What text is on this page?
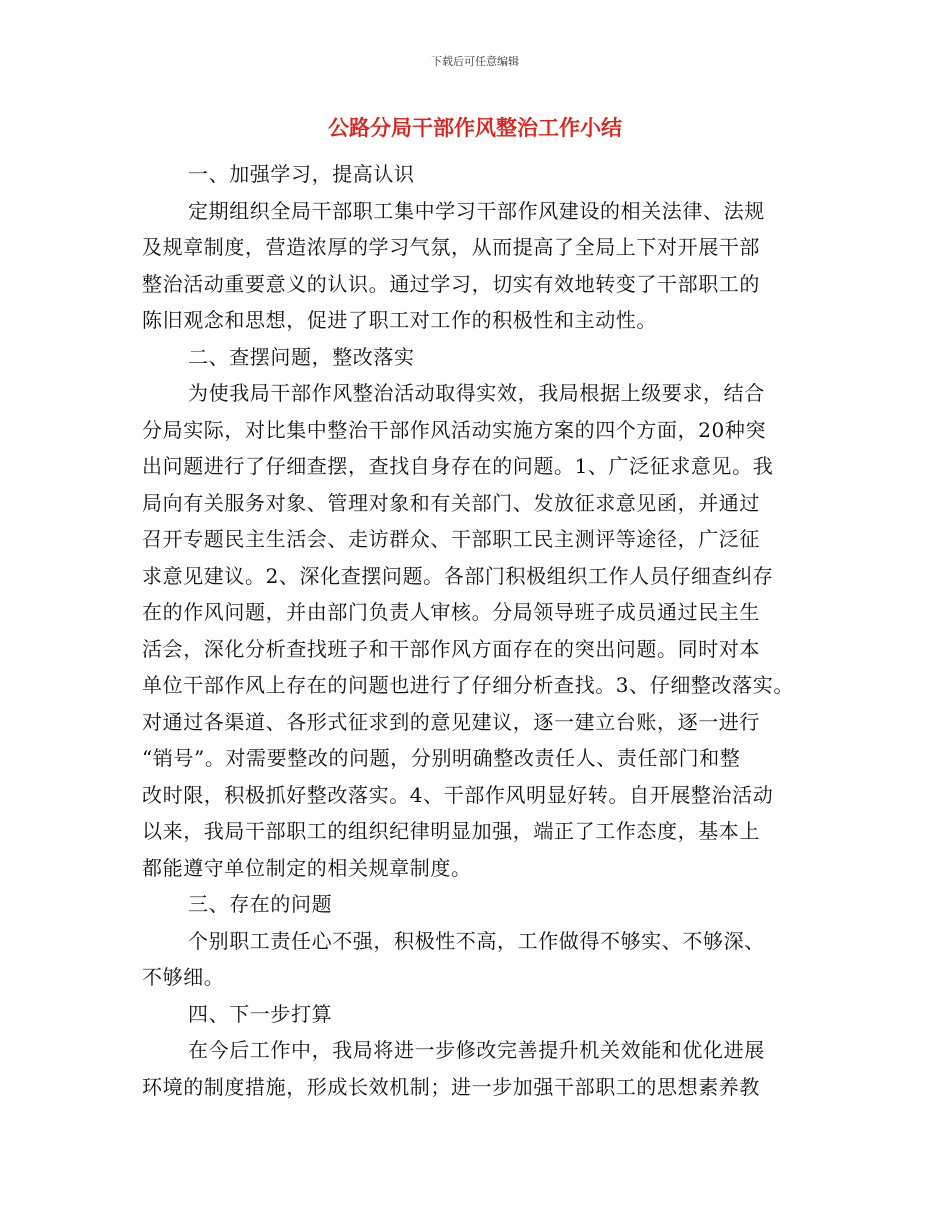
下载后可任意编辑
公路分局干部作风整治工作小结
一、加强学习，提高认识
定期组织全局干部职工集中学习干部作风建设的相关法律、法规
及规章制度，营造浓厚的学习气氛，从而提高了全局上下对开展干部
整治活动重要意义的认识。通过学习，切实有效地转变了干部职工的
陈旧观念和思想，促进了职工对工作的积极性和主动性。
二、查摆问题，整改落实
为使我局干部作风整治活动取得实效，我局根据上级要求，结合
分局实际，对比集中整治干部作风活动实施方案的四个方面，20种突
出问题进行了仔细查摆，查找自身存在的问题。1、广泛征求意见。我
局向有关服务对象、管理对象和有关部门、发放征求意见函，并通过
召开专题民主生活会、走访群众、干部职工民主测评等途径，广泛征
求意见建议。2、深化查摆问题。各部门积极组织工作人员仔细查纠存
在的作风问题，并由部门负责人审核。分局领导班子成员通过民主生
活会，深化分析查找班子和干部作风方面存在的突出问题。同时对本
单位干部作风上存在的问题也进行了仔细分析查找。3、仔细整改落实。
对通过各渠道、各形式征求到的意见建议，逐一建立台账，逐一进行
“销号”。对需要整改的问题，分别明确整改责任人、责任部门和整
改时限，积极抓好整改落实。4、干部作风明显好转。自开展整治活动
以来，我局干部职工的组织纪律明显加强，端正了工作态度，基本上
都能遵守单位制定的相关规章制度。
三、存在的问题
个别职工责任心不强，积极性不高，工作做得不够实、不够深、
不够细。
四、下一步打算
在今后工作中，我局将进一步修改完善提升机关效能和优化进展
环境的制度措施，形成长效机制；进一步加强干部职工的思想素养教
